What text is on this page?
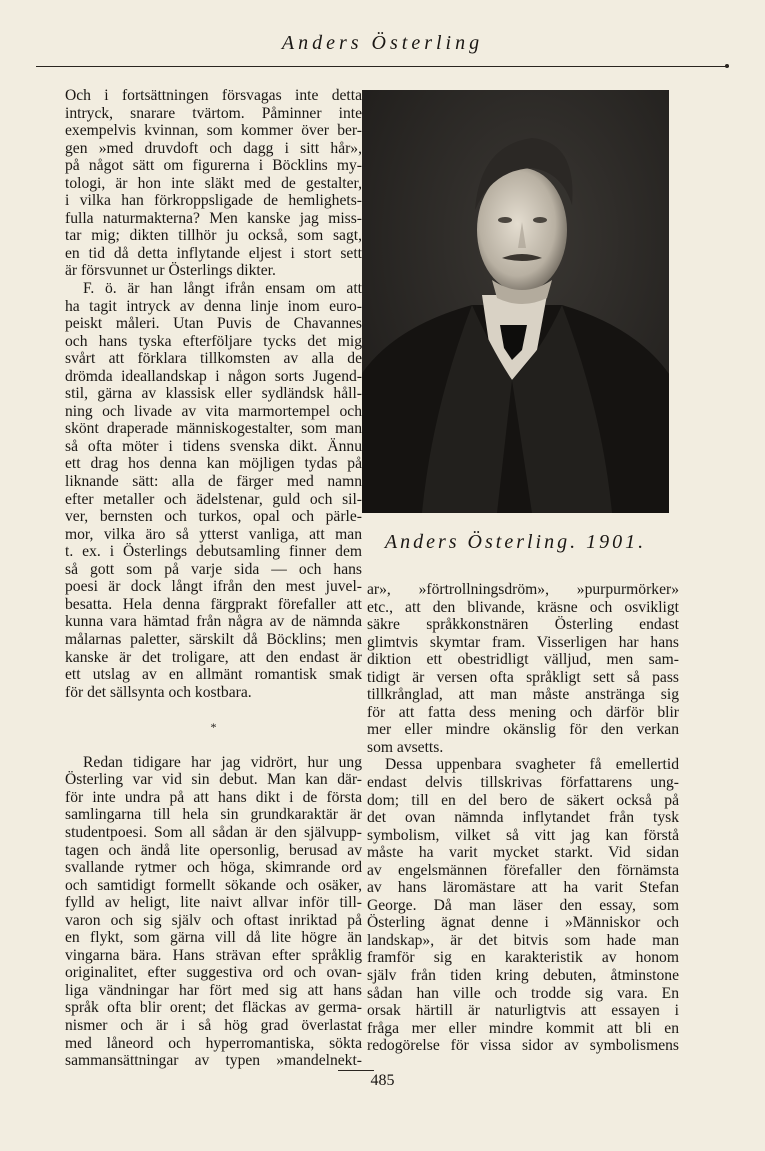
Anders Österling
Och i fortsättningen försvagas inte detta
intryck, snarare tvärtom. Påminner inte
exempelvis kvinnan, som kommer över ber-
gen »med druvdoft och dagg i sitt hår»,
på något sätt om figurerna i Böcklins my-
tologi, är hon inte släkt med de gestalter,
i vilka han förkroppsligade de hemlighets-
fulla naturmakterna? Men kanske jag miss-
tar mig; dikten tillhör ju också, som sagt,
en tid då detta inflytande eljest i stort sett
är försvunnet ur Österlings dikter.
F. ö. är han långt ifrån ensam om att
ha tagit intryck av denna linje inom euro-
peiskt måleri. Utan Puvis de Chavannes
och hans tyska efterföljare tycks det mig
svårt att förklara tillkomsten av alla de
drömda ideallandskap i någon sorts Jugend-
stil, gärna av klassisk eller sydländsk håll-
ning och livade av vita marmortempel och
skönt draperade människogestalter, som man
så ofta möter i tidens svenska dikt. Ännu
ett drag hos denna kan möjligen tydas på
liknande sätt: alla de färger med namn
efter metaller och ädelstenar, guld och sil-
ver, bernsten och turkos, opal och pärle-
mor, vilka äro så ytterst vanliga, att man
t. ex. i Österlings debutsamling finner dem
så gott som på varje sida — och hans
poesi är dock långt ifrån den mest juvel-
besatta. Hela denna färgprakt förefaller att
kunna vara hämtad från några av de nämnda
målarnas paletter, särskilt då Böcklins; men
kanske är det troligare, att den endast är
ett utslag av en allmänt romantisk smak
för det sällsynta och kostbara.
*
Redan tidigare har jag vidrört, hur ung
Österling var vid sin debut. Man kan där-
för inte undra på att hans dikt i de första
samlingarna till hela sin grundkaraktär är
studentpoesi. Som all sådan är den självupp-
tagen och ändå lite opersonlig, berusad av
svallande rytmer och höga, skimrande ord
och samtidigt formellt sökande och osäker,
fylld av heligt, lite naivt allvar inför till-
varon och sig själv och oftast inriktad på
en flykt, som gärna vill då lite högre än
vingarna bära. Hans strävan efter språklig
originalitet, efter suggestiva ord och ovan-
liga vändningar har fört med sig att hans
språk ofta blir orent; det fläckas av germa-
nismer och är i så hög grad överlastat
med låneord och hyperromantiska, sökta
sammansättningar av typen »mandelnekt-
Anders Österling. 1901.
ar», »förtrollningsdröm», »purpurmörker»
etc., att den blivande, kräsne och osvikligt
säkre språkkonstnären Österling endast
glimtvis skymtar fram. Visserligen har hans
diktion ett obestridligt välljud, men sam-
tidigt är versen ofta språkligt sett så pass
tillkrånglad, att man måste anstränga sig
för att fatta dess mening och därför blir
mer eller mindre okänslig för den verkan
som avsetts.
Dessa uppenbara svagheter få emellertid
endast delvis tillskrivas författarens ung-
dom; till en del bero de säkert också på
det ovan nämnda inflytandet från tysk
symbolism, vilket så vitt jag kan förstå
måste ha varit mycket starkt. Vid sidan
av engelsmännen förefaller den förnämsta
av hans läromästare att ha varit Stefan
George. Då man läser den essay, som
Österling ägnat denne i »Människor och
landskap», är det bitvis som hade man
framför sig en karakteristik av honom
själv från tiden kring debuten, åtminstone
sådan han ville och trodde sig vara. En
orsak härtill är naturligtvis att essayen i
fråga mer eller mindre kommit att bli en
redogörelse för vissa sidor av symbolismens
485
